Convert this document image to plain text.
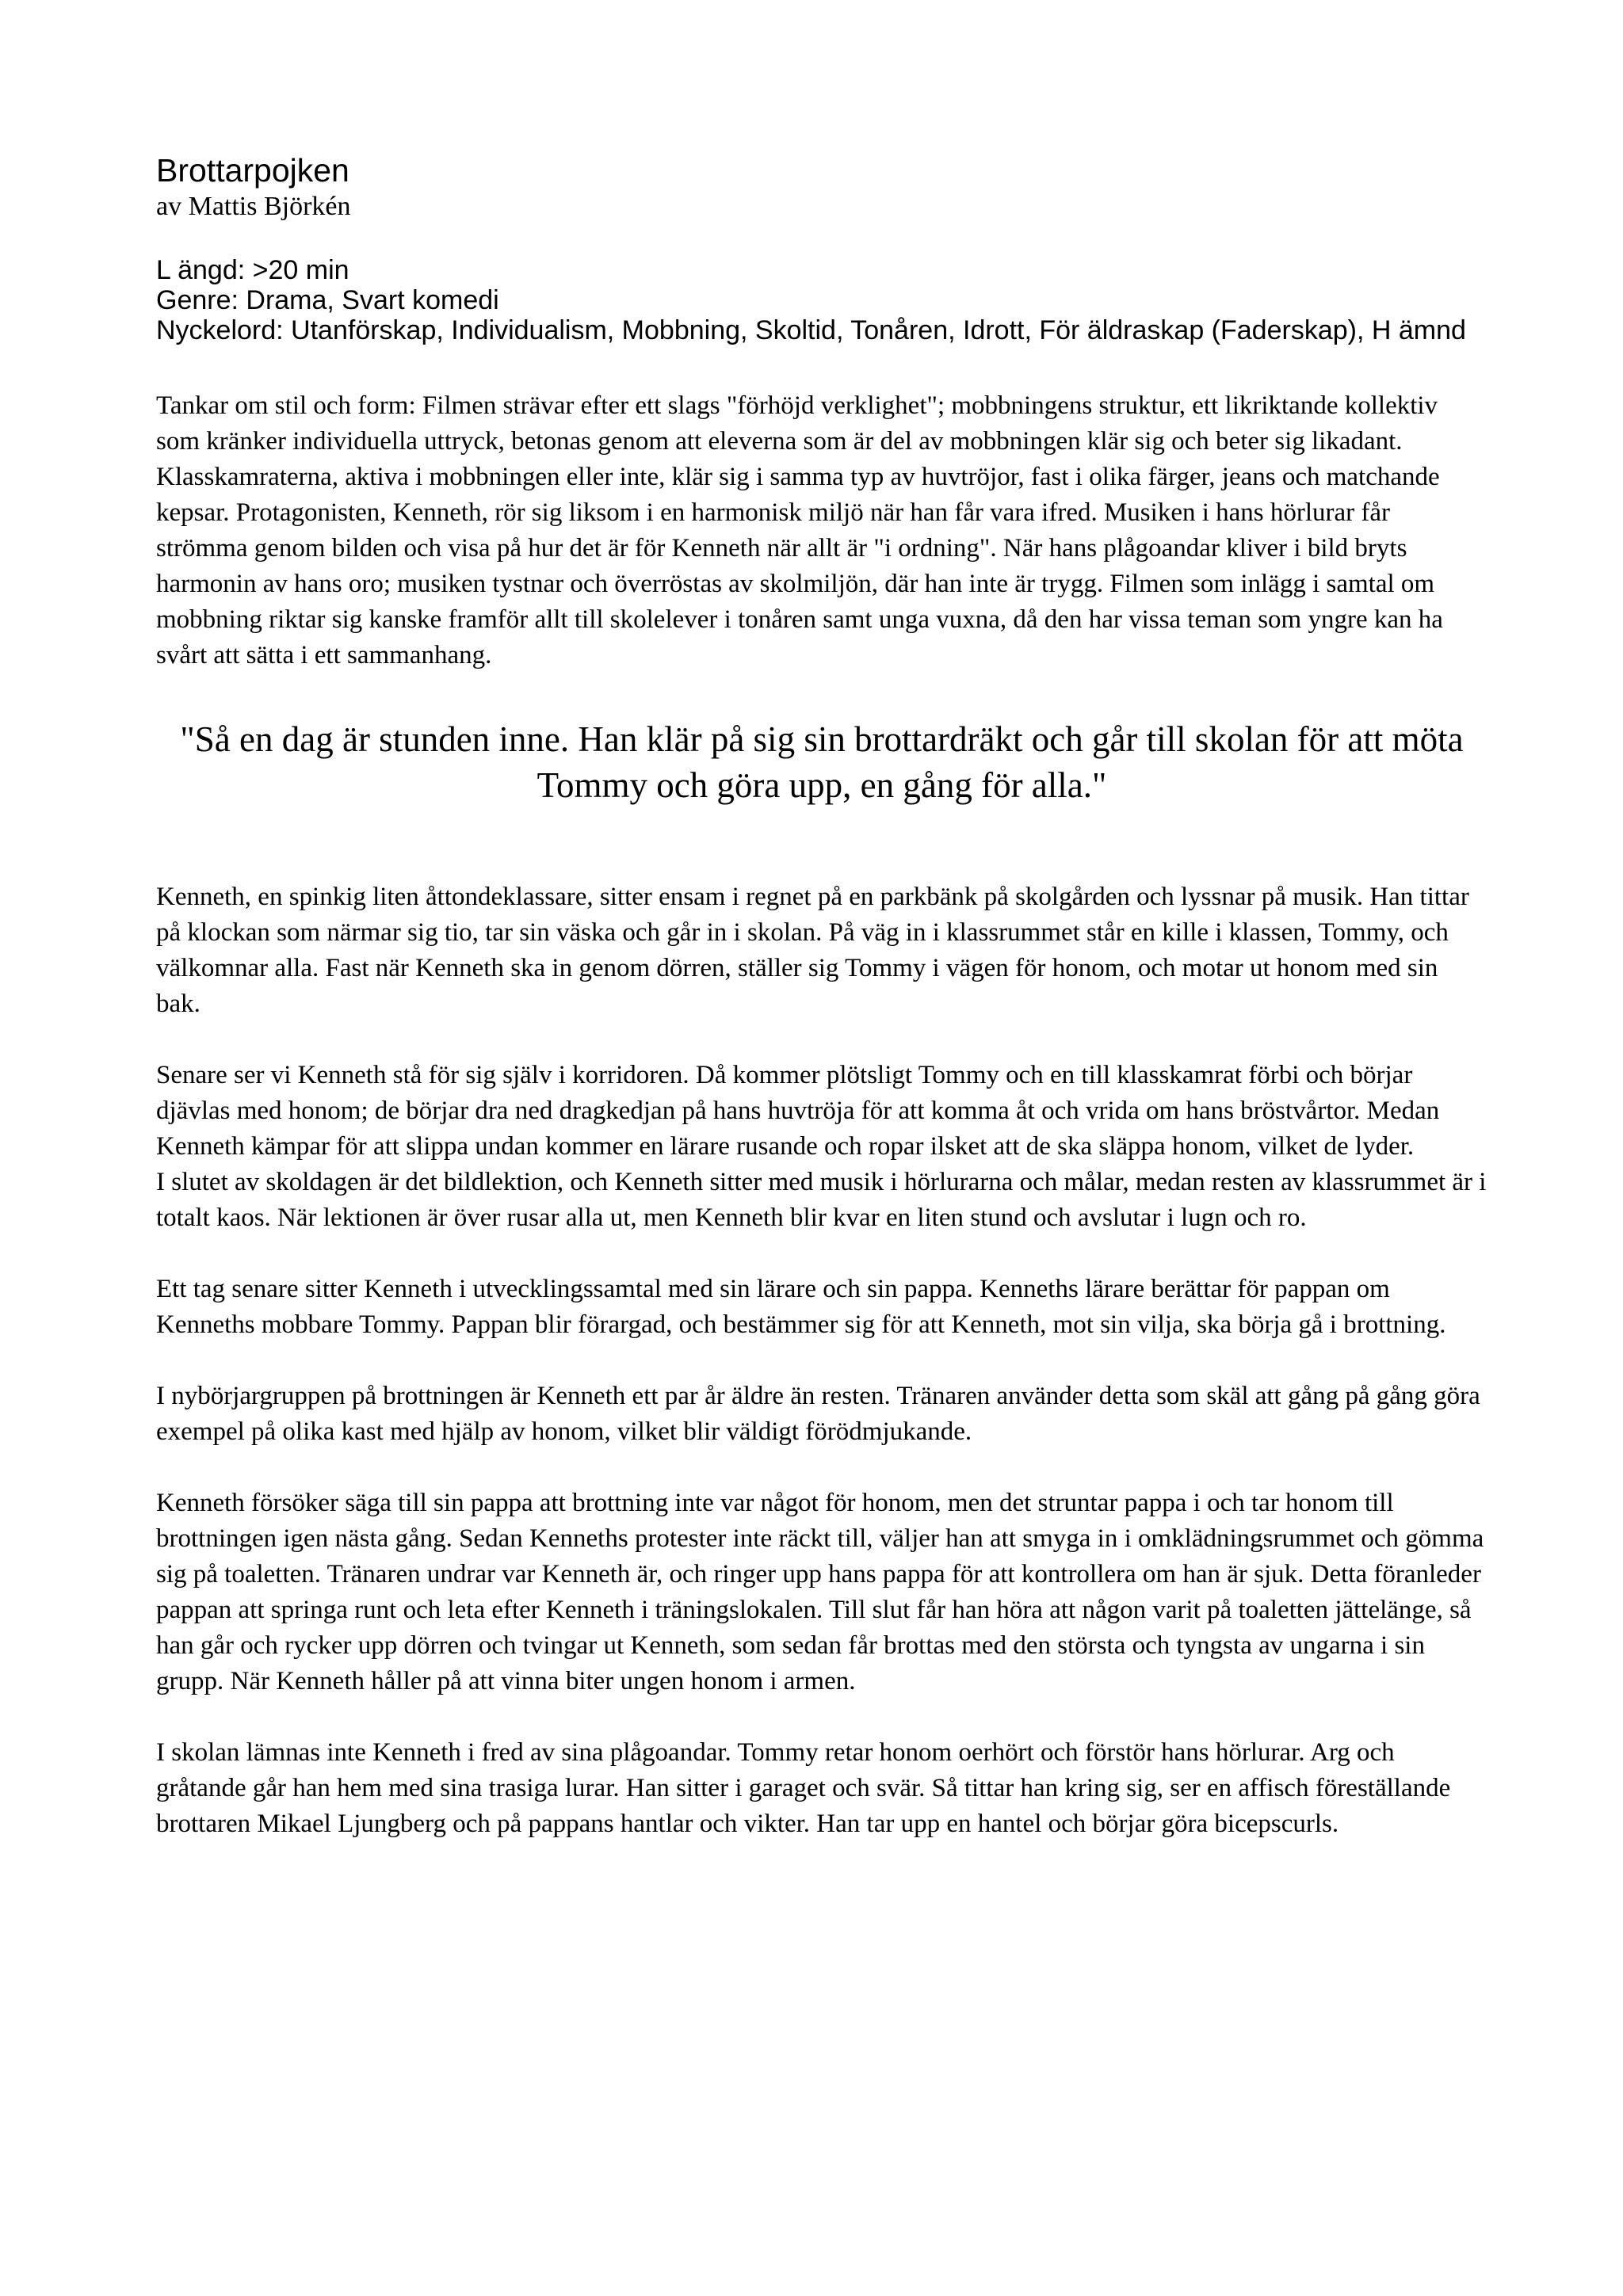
Brottarpojken

av Mattis Björkén

L ängd: >20 min

Genre: Drama, Svart komedi

Nyckelord: Utanförskap, Individualism, Mobbning, Skoltid, Tonåren, Idrott, För äldraskap (Faderskap), H ämnd

Tankar om stil och form: Filmen strävar efter ett slags "förhöjd verklighet"; mobbningens struktur, ett likriktande kollektiv som kränker individuella uttryck, betonas genom att eleverna som är del av mobbningen klär sig och beter sig likadant. Klasskamraterna, aktiva i mobbningen eller inte, klär sig i samma typ av huvtröjor, fast i olika färger, jeans och matchande kepsar. Protagonisten, Kenneth, rör sig liksom i en harmonisk miljö när han får vara ifred. Musiken i hans hörlurar får strömma genom bilden och visa på hur det är för Kenneth när allt är "i ordning". När hans plågoandar kliver i bild bryts harmonin av hans oro; musiken tystnar och överröstas av skolmiljön, där han inte är trygg. Filmen som inlägg i samtal om mobbning riktar sig kanske framför allt till skolelever i tonåren samt unga vuxna, då den har vissa teman som yngre kan ha svårt att sätta i ett sammanhang.

"Så en dag är stunden inne. Han klär på sig sin brottardräkt och går till skolan för att möta Tommy och göra upp, en gång för alla."

Kenneth, en spinkig liten åttondeklassare, sitter ensam i regnet på en parkbänk på skolgården och lyssnar på musik. Han tittar på klockan som närmar sig tio, tar sin väska och går in i skolan. På väg in i klassrummet står en kille i klassen, Tommy, och välkomnar alla. Fast när Kenneth ska in genom dörren, ställer sig Tommy i vägen för honom, och motar ut honom med sin bak.

Senare ser vi Kenneth stå för sig själv i korridoren. Då kommer plötsligt Tommy och en till klasskamrat förbi och börjar djävlas med honom; de börjar dra ned dragkedjan på hans huvtröja för att komma åt och vrida om hans bröstvårtor. Medan Kenneth kämpar för att slippa undan kommer en lärare rusande och ropar ilsket att de ska släppa honom, vilket de lyder.

I slutet av skoldagen är det bildlektion, och Kenneth sitter med musik i hörlurarna och målar, medan resten av klassrummet är i totalt kaos. När lektionen är över rusar alla ut, men Kenneth blir kvar en liten stund och avslutar i lugn och ro.

Ett tag senare sitter Kenneth i utvecklingssamtal med sin lärare och sin pappa. Kenneths lärare berättar för pappan om Kenneths mobbare Tommy. Pappan blir förargad, och bestämmer sig för att Kenneth, mot sin vilja, ska börja gå i brottning.

I nybörjargruppen på brottningen är Kenneth ett par år äldre än resten. Tränaren använder detta som skäl att gång på gång göra exempel på olika kast med hjälp av honom, vilket blir väldigt förödmjukande.

Kenneth försöker säga till sin pappa att brottning inte var något för honom, men det struntar pappa i och tar honom till brottningen igen nästa gång. Sedan Kenneths protester inte räckt till, väljer han att smyga in i omklädningsrummet och gömma sig på toaletten. Tränaren undrar var Kenneth är, och ringer upp hans pappa för att kontrollera om han är sjuk. Detta föranleder pappan att springa runt och leta efter Kenneth i träningslokalen. Till slut får han höra att någon varit på toaletten jättelänge, så han går och rycker upp dörren och tvingar ut Kenneth, som sedan får brottas med den största och tyngsta av ungarna i sin grupp. När Kenneth håller på att vinna biter ungen honom i armen.

I skolan lämnas inte Kenneth i fred av sina plågoandar. Tommy retar honom oerhört och förstör hans hörlurar. Arg och gråtande går han hem med sina trasiga lurar. Han sitter i garaget och svär. Så tittar han kring sig, ser en affisch föreställande brottaren Mikael Ljungberg och på pappans hantlar och vikter. Han tar upp en hantel och börjar göra bicepscurls.
